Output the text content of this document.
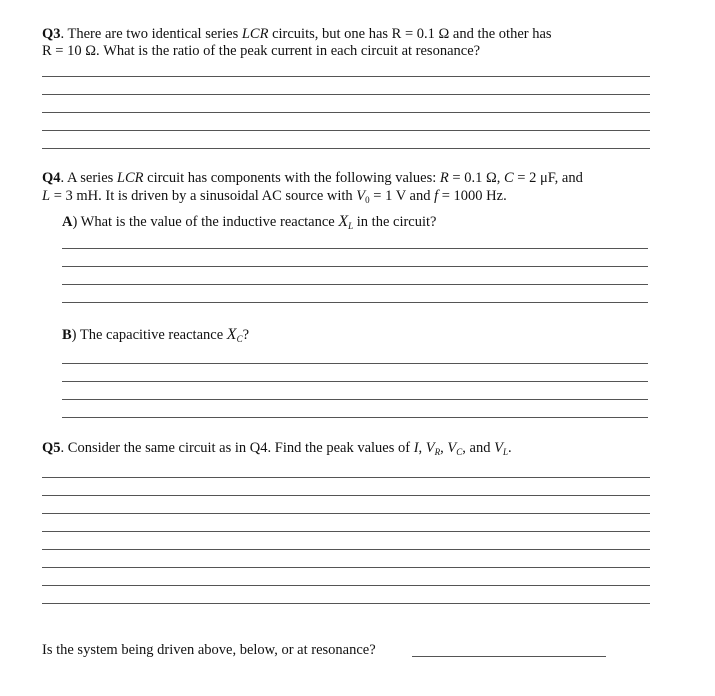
Q3. There are two identical series LCR circuits, but one has R = 0.1 Ω and the other has
R = 10 Ω. What is the ratio of the peak current in each circuit at resonance?
Q4. A series LCR circuit has components with the following values: R = 0.1 Ω, C = 2 μF, and
L = 3 mH. It is driven by a sinusoidal AC source with $V_0 = 1$ V and f = 1000 Hz.
A) What is the value of the inductive reactance $X_L$ in the circuit?
B) The capacitive reactance $X_C$?
Q5. Consider the same circuit as in Q4. Find the peak values of I, $V_R$, $V_C$, and $V_L$.
Is the system being driven above, below, or at resonance?
